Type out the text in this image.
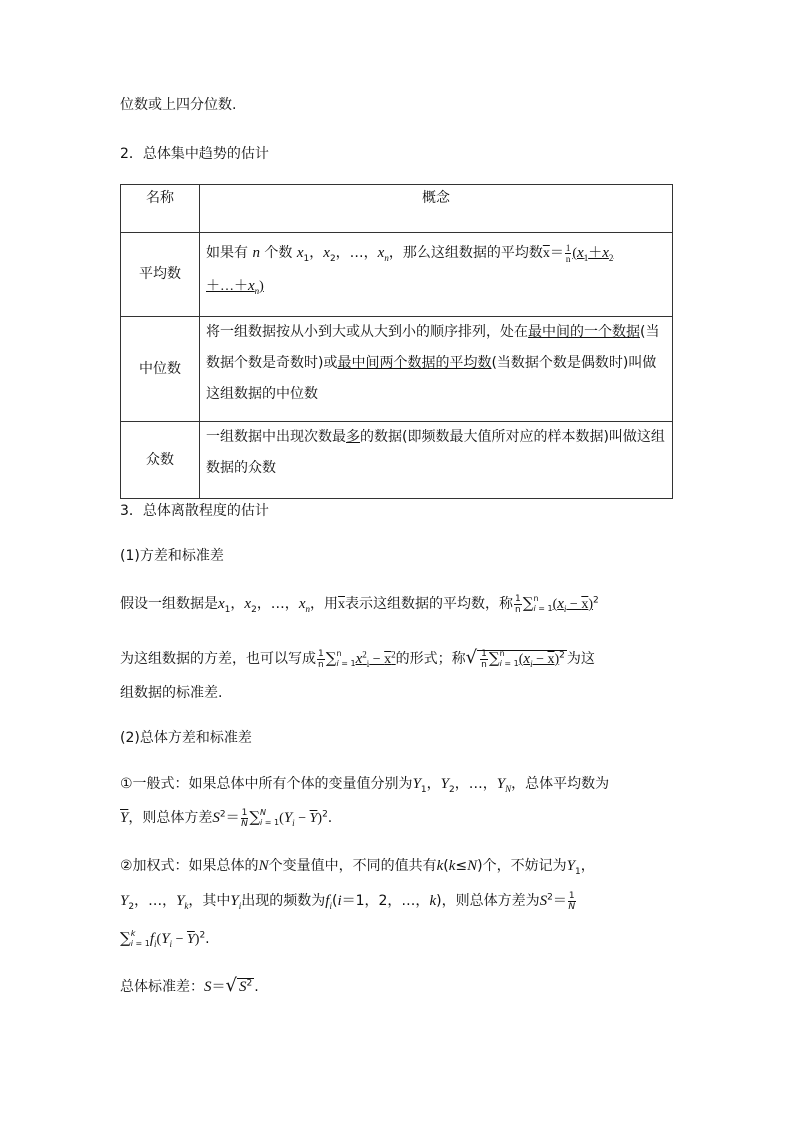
位数或上四分位数.
2．总体集中趋势的估计
名称	概念
平均数	如果有 n 个数 $x_1$，$x_2$，…，$x_n$，那么这组数据的平均数$\overline{x}= \frac{1}{n} (x_1+x_2$
$+\dots+x_n$)
中位数	将一组数据按从小到大或从大到小的顺序排列，处在最中间的一个数据(当数据个数是奇数时)或最中间两个数据的平均数(当数据个数是偶数时)叫做这组数据的中位数
众数	一组数据中出现次数最多的数据(即频数最大值所对应的样本数据)叫做这组数据的众数
3．总体离散程度的估计
(1)方差和标准差
假设一组数据是$x_1$，$x_2$，…，$x_n$，用$\overline{x}$表示这组数据的平均数，称 $\frac{1}{n}$ ∑ n
i = 1 $(x_i - x)^2$
为这组数据的方差，也可以写成 $\frac{1}{n}$ ∑ n
i = 1 $x^2_i - x^2$的形式；称√ $\frac{1}{n}$ ∑ n
i = 1 $(x_i - x)^2$ 为这
组数据的标准差.
(2)总体方差和标准差
①一般式：如果总体中所有个体的变量值分别为$Y_1$，$Y_2$，…，$Y_N$，总体平均数为
$\overline{Y}$，则总体方差$S^2= \frac{1}{N}$ ∑ N
i = 1 $(Y_i - \overline{Y})^2$.
②加权式：如果总体的N个变量值中，不同的值共有k(k≤N)个，不妨记为$Y_1$，
$Y_2$，…，$Y_k$，其中$Y_i$出现的频数为$f_i(i=1$，2，…，k)，则总体方差为$S^2= \frac{1}{N}$
∑ k
i = 1 $f_i(Y_i - \overline{Y})^2$.
总体标准差：S＝√ $S^2$ .
